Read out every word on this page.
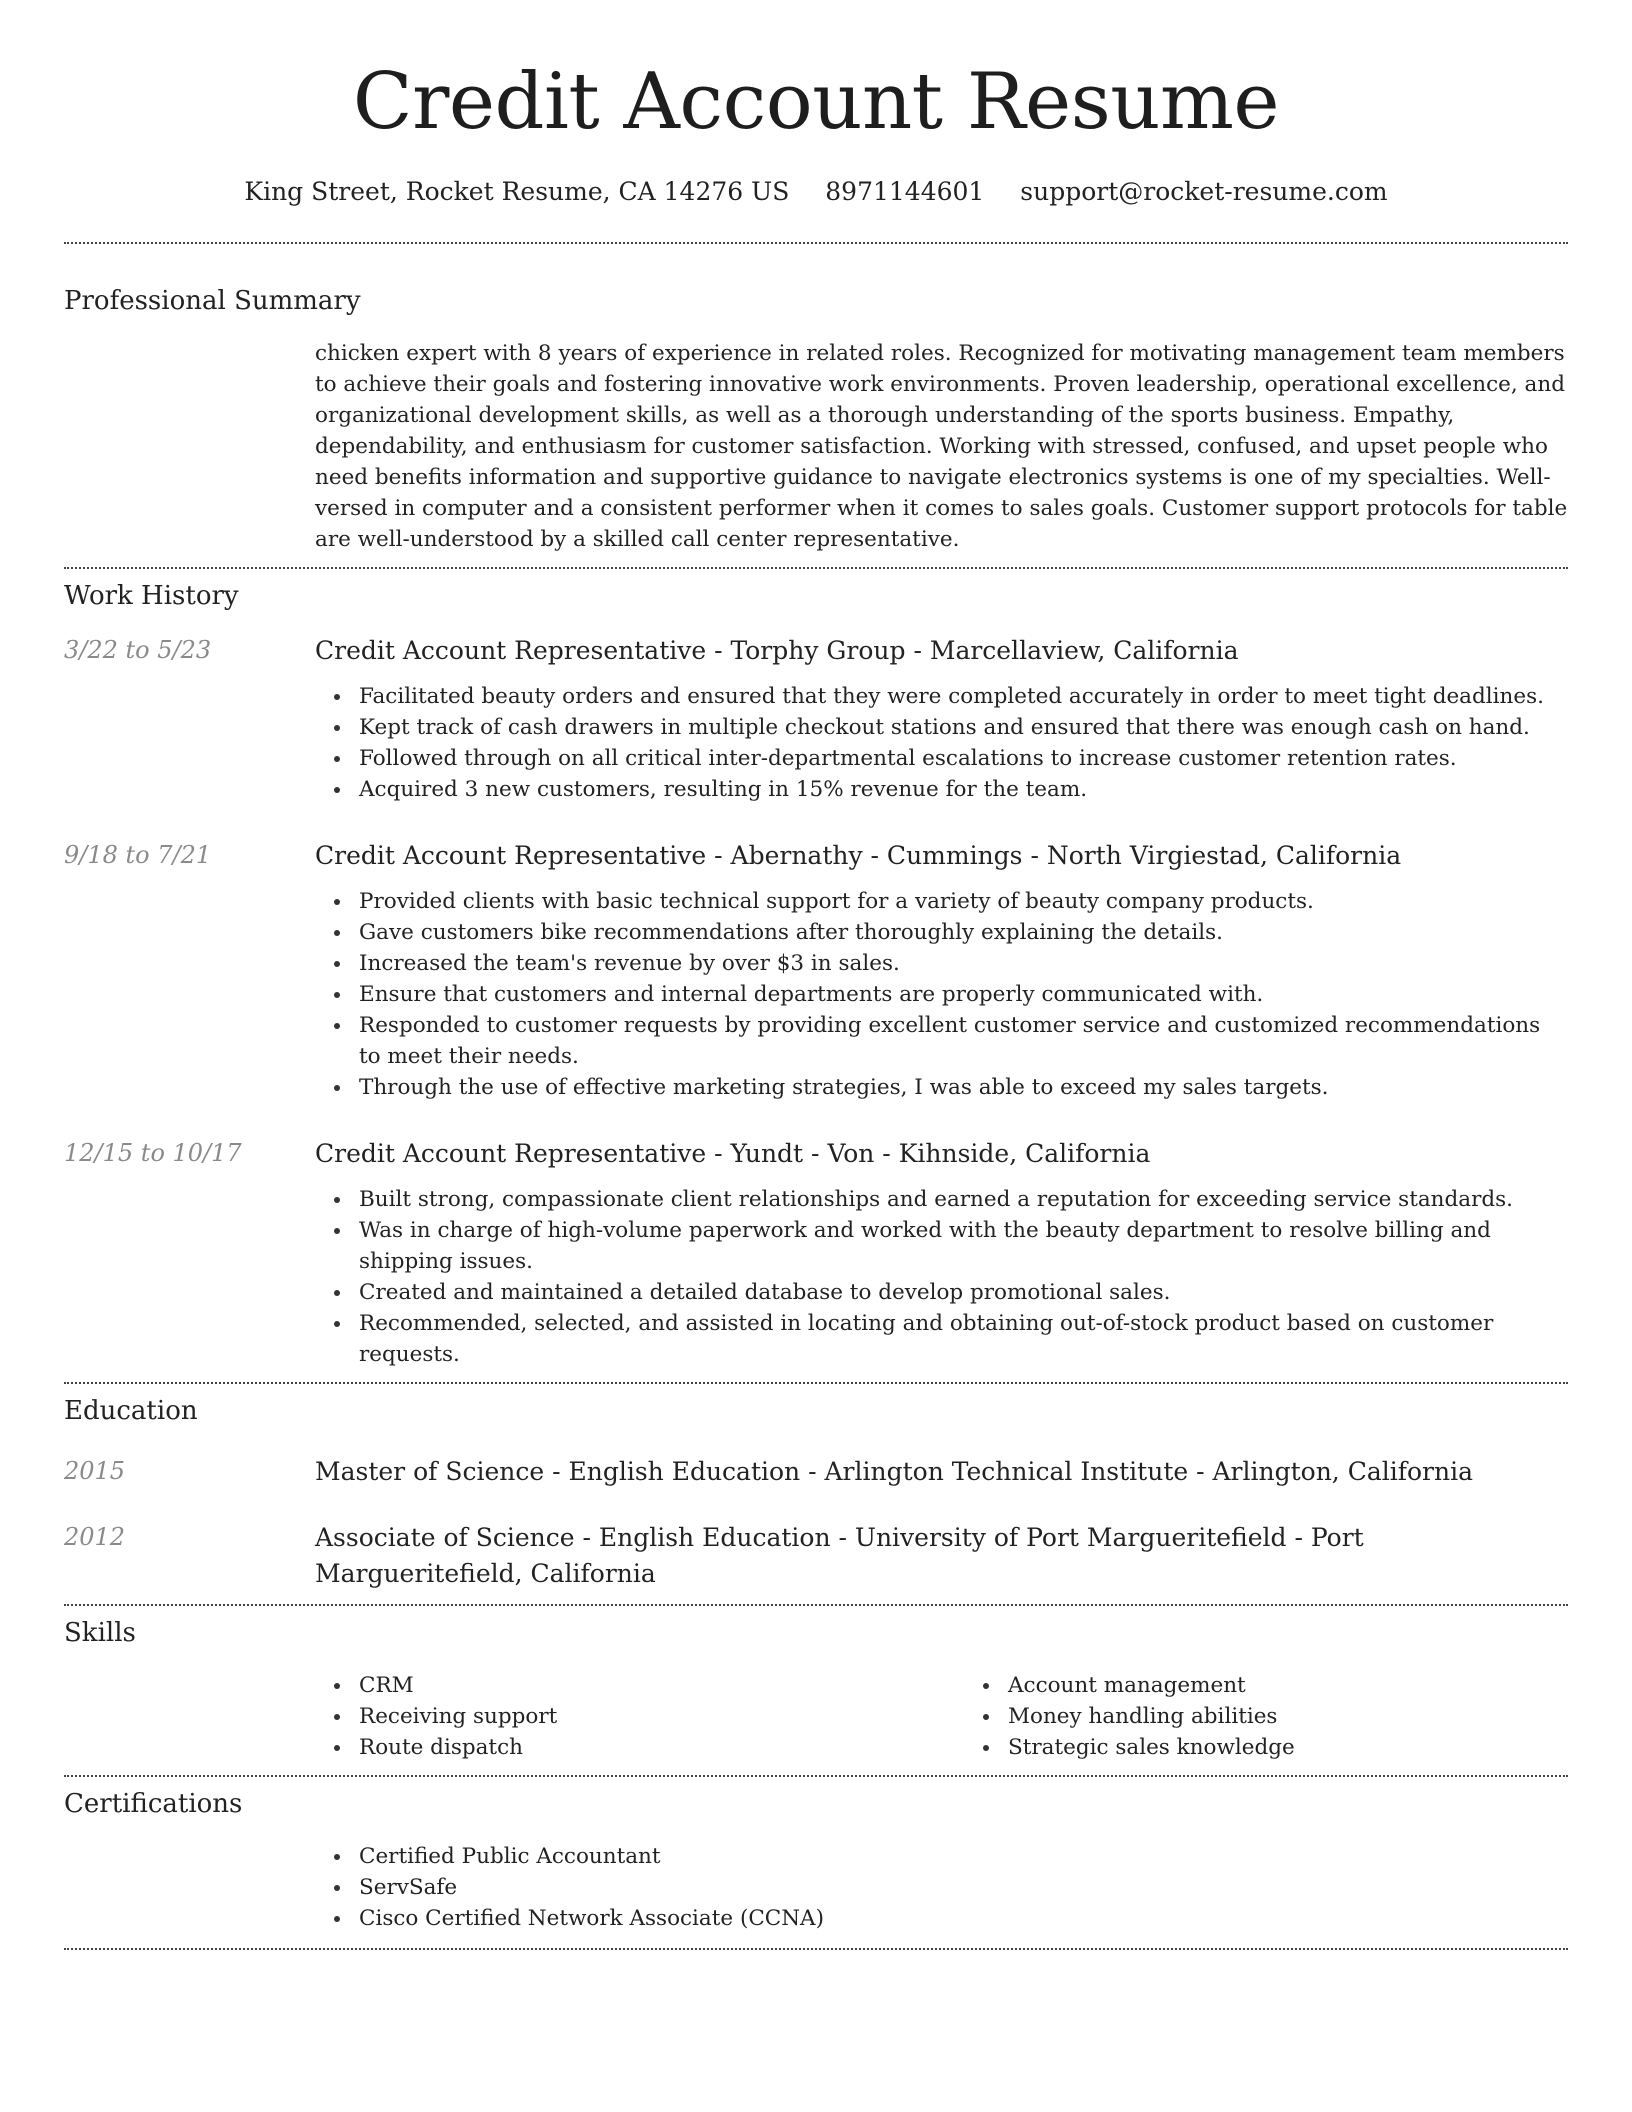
Credit Account Resume
King Street, Rocket Resume, CA 14276 US 8971144601 support@rocket-resume.com
Professional Summary
chicken expert with 8 years of experience in related roles. Recognized for motivating management team members to achieve their goals and fostering innovative work environments. Proven leadership, operational excellence, and organizational development skills, as well as a thorough understanding of the sports business. Empathy, dependability, and enthusiasm for customer satisfaction. Working with stressed, confused, and upset people who need benefits information and supportive guidance to navigate electronics systems is one of my specialties. Well-versed in computer and a consistent performer when it comes to sales goals. Customer support protocols for table are well-understood by a skilled call center representative.
Work History
3/22 to 5/23	Credit Account Representative - Torphy Group - Marcellaview, California
Facilitated beauty orders and ensured that they were completed accurately in order to meet tight deadlines.
Kept track of cash drawers in multiple checkout stations and ensured that there was enough cash on hand.
Followed through on all critical inter-departmental escalations to increase customer retention rates.
Acquired 3 new customers, resulting in 15% revenue for the team.
9/18 to 7/21	Credit Account Representative - Abernathy - Cummings - North Virgiestad, California
Provided clients with basic technical support for a variety of beauty company products.
Gave customers bike recommendations after thoroughly explaining the details.
Increased the team's revenue by over $3 in sales.
Ensure that customers and internal departments are properly communicated with.
Responded to customer requests by providing excellent customer service and customized recommendations to meet their needs.
Through the use of effective marketing strategies, I was able to exceed my sales targets.
12/15 to 10/17	Credit Account Representative - Yundt - Von - Kihnside, California
Built strong, compassionate client relationships and earned a reputation for exceeding service standards.
Was in charge of high-volume paperwork and worked with the beauty department to resolve billing and shipping issues.
Created and maintained a detailed database to develop promotional sales.
Recommended, selected, and assisted in locating and obtaining out-of-stock product based on customer requests.
Education
2015	Master of Science - English Education - Arlington Technical Institute - Arlington, California
2012	Associate of Science - English Education - University of Port Margueriteﬁeld - Port Margueriteﬁeld, California
Skills
CRM
Receiving support
Route dispatch
Account management
Money handling abilities
Strategic sales knowledge
Certifications
Certified Public Accountant
ServSafe
Cisco Certified Network Associate (CCNA)
